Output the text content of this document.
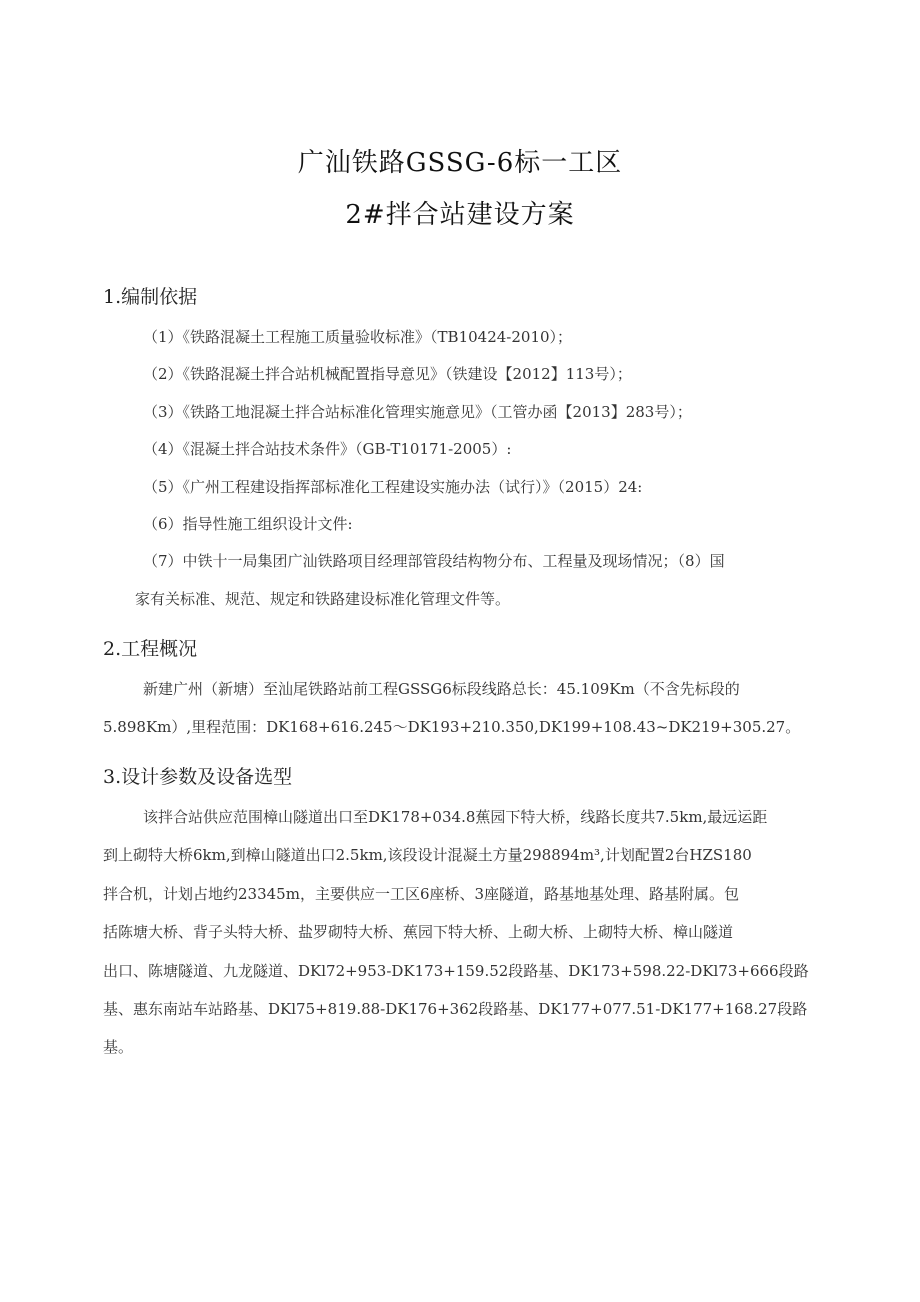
广汕铁路GSSG-6标一工区
2#拌合站建设方案
1.编制依据
（1）《铁路混凝土工程施工质量验收标准》（TB10424-2010）；
（2）《铁路混凝土拌合站机械配置指导意见》（铁建设【2012】113号）；
（3）《铁路工地混凝土拌合站标准化管理实施意见》（工管办函【2013】283号）；
（4）《混凝土拌合站技术条件》（GB-T10171-2005）:
（5）《广州工程建设指挥部标准化工程建设实施办法（试行）》（2015）24:
（6）指导性施工组织设计文件:
（7）中铁十一局集团广汕铁路项目经理部管段结构物分布、工程量及现场情况；（8）国
家有关标准、规范、规定和铁路建设标准化管理文件等。
2.工程概况
新建广州（新塘）至汕尾铁路站前工程GSSG6标段线路总长：45.109Km（不含先标段的
5.898Km）,里程范围：DK168+616.245～DK193+210.350,DK199+108.43~DK219+305.27。
3.设计参数及设备选型
该拌合站供应范围樟山隧道出口至DK178+034.8蕉园下特大桥，线路长度共7.5km,最远运距
到上砌特大桥6km,到樟山隧道出口2.5km,该段设计混凝土方量298894m³,计划配置2台HZS180
拌合机，计划占地约23345m，主要供应一工区6座桥、3座隧道，路基地基处理、路基附属。包
括陈塘大桥、背子头特大桥、盐罗砌特大桥、蕉园下特大桥、上砌大桥、上砌特大桥、樟山隧道
出口、陈塘隧道、九龙隧道、DKl72+953-DK173+159.52段路基、DK173+598.22-DKl73+666段路
基、惠东南站车站路基、DKl75+819.88-DK176+362段路基、DK177+077.51-DK177+168.27段路
基。
